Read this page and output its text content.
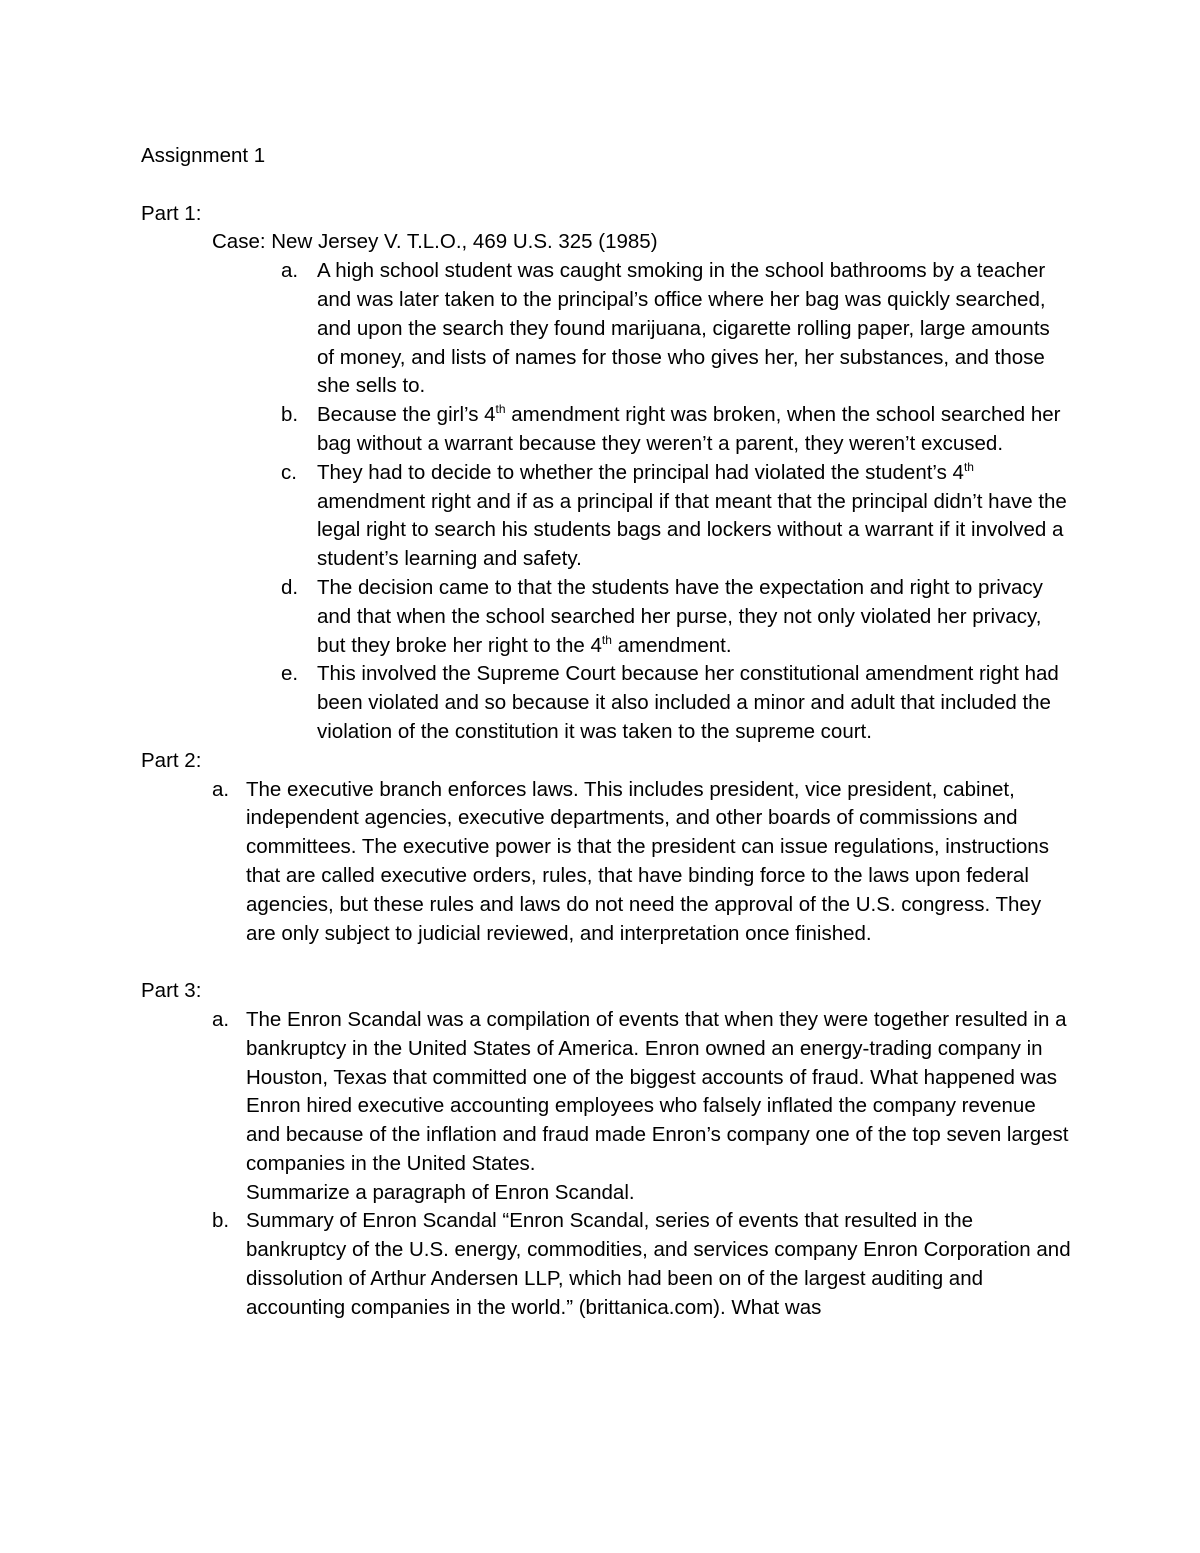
Assignment 1

Part 1:

Case: New Jersey V. T.L.O., 469 U.S. 325 (1985)

a. A high school student was caught smoking in the school bathrooms by a teacher and was later taken to the principal’s office where her bag was quickly searched, and upon the search they found marijuana, cigarette rolling paper, large amounts of money, and lists of names for those who gives her, her substances, and those she sells to.
b. Because the girl’s 4th amendment right was broken, when the school searched her bag without a warrant because they weren’t a parent, they weren’t excused.
c. They had to decide to whether the principal had violated the student’s 4th amendment right and if as a principal if that meant that the principal didn’t have the legal right to search his students bags and lockers without a warrant if it involved a student’s learning and safety.
d. The decision came to that the students have the expectation and right to privacy and that when the school searched her purse, they not only violated her privacy, but they broke her right to the 4th amendment.
e. This involved the Supreme Court because her constitutional amendment right had been violated and so because it also included a minor and adult that included the violation of the constitution it was taken to the supreme court.

Part 2:

a. The executive branch enforces laws. This includes president, vice president, cabinet, independent agencies, executive departments, and other boards of commissions and committees. The executive power is that the president can issue regulations, instructions that are called executive orders, rules, that have binding force to the laws upon federal agencies, but these rules and laws do not need the approval of the U.S. congress. They are only subject to judicial reviewed, and interpretation once finished.

Part 3:

a. The Enron Scandal was a compilation of events that when they were together resulted in a bankruptcy in the United States of America. Enron owned an energy-trading company in Houston, Texas that committed one of the biggest accounts of fraud. What happened was Enron hired executive accounting employees who falsely inflated the company revenue and because of the inflation and fraud made Enron’s company one of the top seven largest companies in the United States.
Summarize a paragraph of Enron Scandal.
b. Summary of Enron Scandal “Enron Scandal, series of events that resulted in the bankruptcy of the U.S. energy, commodities, and services company Enron Corporation and dissolution of Arthur Andersen LLP, which had been on of the largest auditing and accounting companies in the world.” (brittanica.com). What was
